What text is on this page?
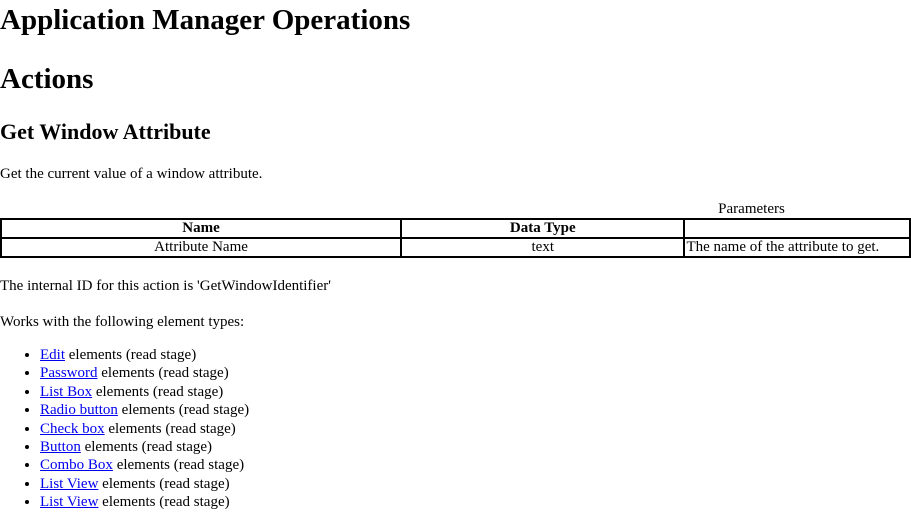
Application Manager Operations
Actions
Get Window Attribute

Get the current value of a window attribute.

Parameters
Name	Data Type	
Attribute Name	text	The name of the attribute to get.

The internal ID for this action is 'GetWindowIdentifier'

Works with the following element types:

• Edit elements (read stage)
• Password elements (read stage)
• List Box elements (read stage)
• Radio button elements (read stage)
• Check box elements (read stage)
• Button elements (read stage)
• Combo Box elements (read stage)
• List View elements (read stage)
• List View elements (read stage)
